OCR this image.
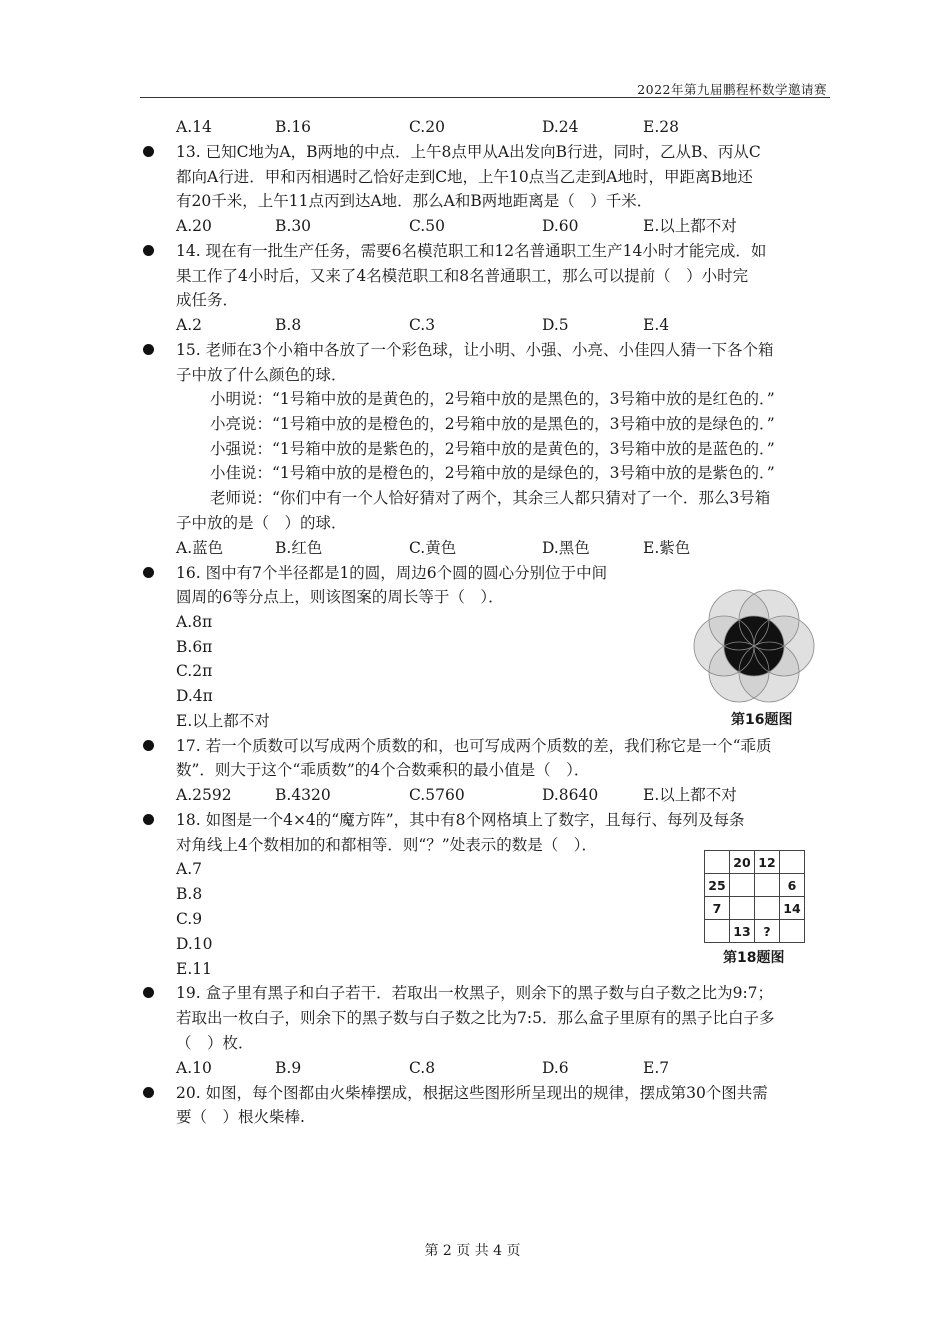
2022年第九届鹏程杯数学邀请赛
A.14	B.16	C.20	D.24	E.28
13. 已知C地为A，B两地的中点．上午8点甲从A出发向B行进，同时，乙从B、丙从C
都向A行进．甲和丙相遇时乙恰好走到C地，上午10点当乙走到A地时，甲距离B地还
有20千米，上午11点丙到达A地．那么A和B两地距离是（　）千米．
A.20	B.30	C.50	D.60	E.以上都不对
14. 现在有一批生产任务，需要6名模范职工和12名普通职工生产14小时才能完成．如
果工作了4小时后，又来了4名模范职工和8名普通职工，那么可以提前（　）小时完
成任务．
A.2	B.8	C.3	D.5	E.4
15. 老师在3个小箱中各放了一个彩色球，让小明、小强、小亮、小佳四人猜一下各个箱
子中放了什么颜色的球．
小明说：“1号箱中放的是黄色的，2号箱中放的是黑色的，3号箱中放的是红色的．”
小亮说：“1号箱中放的是橙色的，2号箱中放的是黑色的，3号箱中放的是绿色的．”
小强说：“1号箱中放的是紫色的，2号箱中放的是黄色的，3号箱中放的是蓝色的．”
小佳说：“1号箱中放的是橙色的，2号箱中放的是绿色的，3号箱中放的是紫色的．”
老师说：“你们中有一个人恰好猜对了两个，其余三人都只猜对了一个．那么3号箱
子中放的是（　）的球．
A.蓝色	B.红色	C.黄色	D.黑色	E.紫色
16. 图中有7个半径都是1的圆，周边6个圆的圆心分别位于中间
圆周的6等分点上，则该图案的周长等于（　）．
A.8π
B.6π
C.2π
D.4π
E.以上都不对	第16题图
17. 若一个质数可以写成两个质数的和，也可写成两个质数的差，我们称它是一个“乖质
数”．则大于这个“乖质数”的4个合数乘积的最小值是（　）．
A.2592	B.4320	C.5760	D.8640	E.以上都不对
18. 如图是一个4×4的“魔方阵”，其中有8个网格填上了数字，且每行、每列及每条
对角线上4个数相加的和都相等．则“？”处表示的数是（　）．
A.7
B.8
C.9
D.10
E.11
	20	12	
25			6
7			14
	13	?	
第18题图
19. 盒子里有黑子和白子若干．若取出一枚黑子，则余下的黑子数与白子数之比为9:7；
若取出一枚白子，则余下的黑子数与白子数之比为7:5．那么盒子里原有的黑子比白子多
（　）枚．
A.10	B.9	C.8	D.6	E.7
20. 如图，每个图都由火柴棒摆成，根据这些图形所呈现出的规律，摆成第30个图共需
要（　）根火柴棒.
第 2 页 共 4 页
